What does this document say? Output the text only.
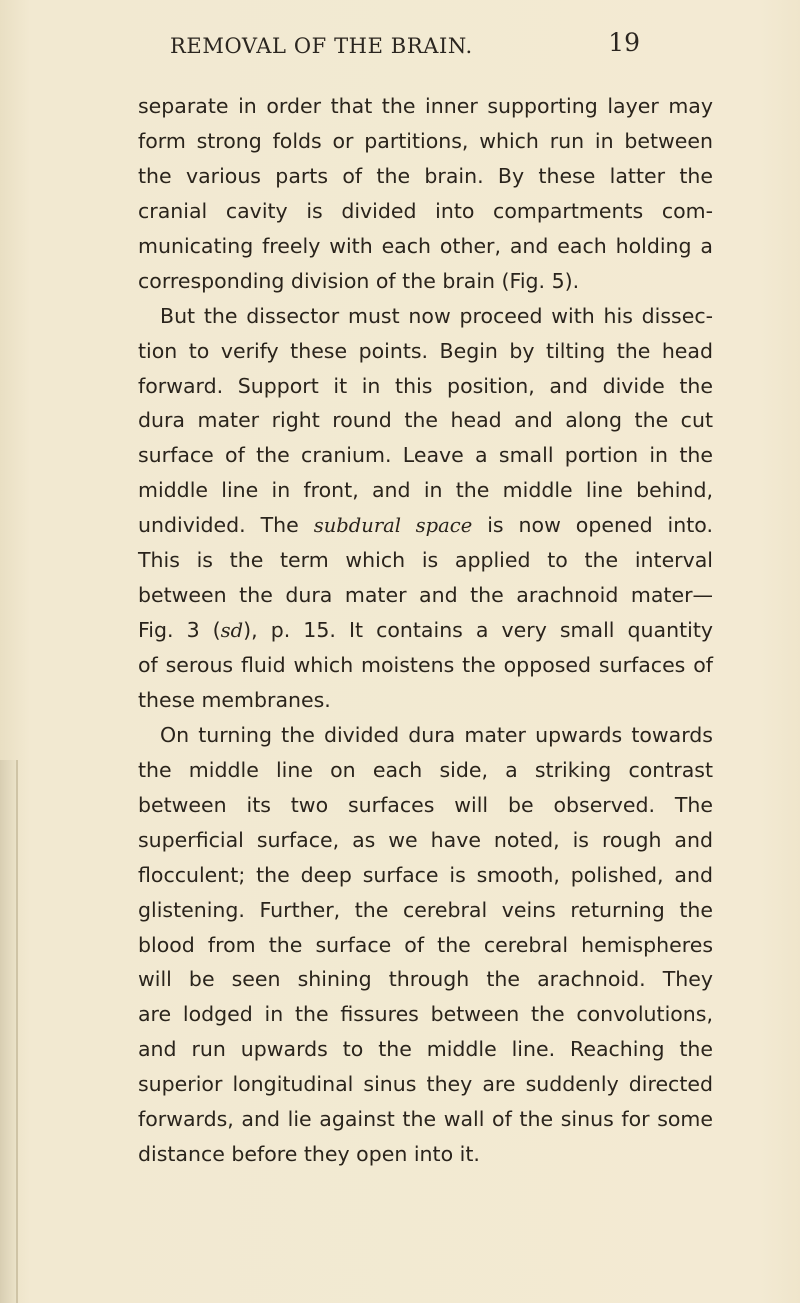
REMOVAL OF THE BRAIN.	19
separate in order that the inner supporting layer may
form strong folds or partitions, which run in between
the various parts of the brain. By these latter the
cranial cavity is divided into compartments com-
municating freely with each other, and each holding a
corresponding division of the brain (Fig. 5).
But the dissector must now proceed with his dissec-
tion to verify these points. Begin by tilting the head
forward. Support it in this position, and divide the
dura mater right round the head and along the cut
surface of the cranium. Leave a small portion in the
middle line in front, and in the middle line behind,
undivided. The subdural space is now opened into.
This is the term which is applied to the interval
between the dura mater and the arachnoid mater—
Fig. 3 (sd), p. 15. It contains a very small quantity
of serous fluid which moistens the opposed surfaces of
these membranes.
On turning the divided dura mater upwards towards
the middle line on each side, a striking contrast
between its two surfaces will be observed. The
superficial surface, as we have noted, is rough and
flocculent; the deep surface is smooth, polished, and
glistening. Further, the cerebral veins returning the
blood from the surface of the cerebral hemispheres
will be seen shining through the arachnoid. They
are lodged in the fissures between the convolutions,
and run upwards to the middle line. Reaching the
superior longitudinal sinus they are suddenly directed
forwards, and lie against the wall of the sinus for some
distance before they open into it.
